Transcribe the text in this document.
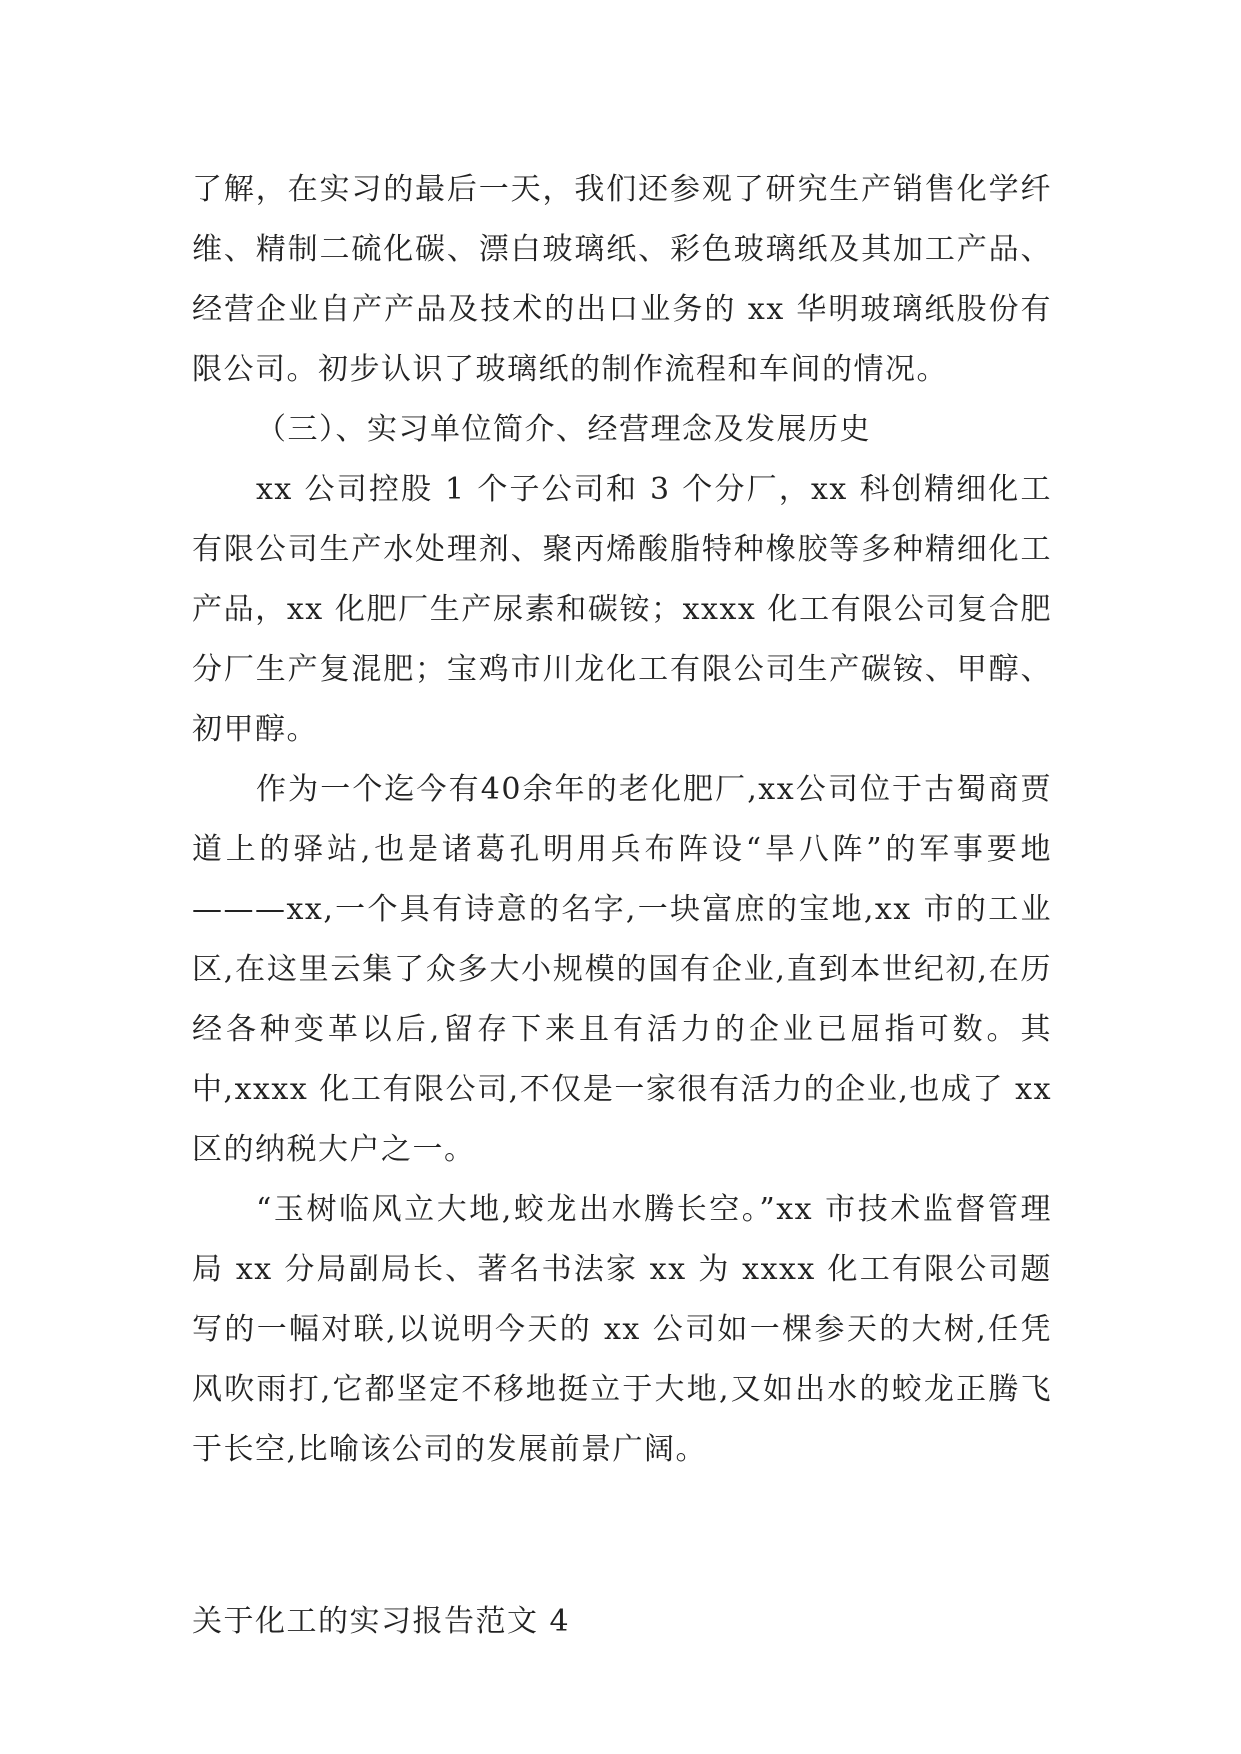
了解，在实习的最后一天，我们还参观了研究生产销售化学纤维、精制二硫化碳、漂白玻璃纸、彩色玻璃纸及其加工产品、经营企业自产产品及技术的出口业务的 xx 华明玻璃纸股份有限公司。初步认识了玻璃纸的制作流程和车间的情况。

（三）、实习单位简介、经营理念及发展历史

xx 公司控股 1 个子公司和 3 个分厂，xx 科创精细化工有限公司生产水处理剂、聚丙烯酸脂特种橡胶等多种精细化工产品，xx 化肥厂生产尿素和碳铵；xxxx 化工有限公司复合肥分厂生产复混肥；宝鸡市川龙化工有限公司生产碳铵、甲醇、初甲醇。

作为一个迄今有40余年的老化肥厂,xx公司位于古蜀商贾道上的驿站,也是诸葛孔明用兵布阵设“旱八阵”的军事要地———xx,一个具有诗意的名字,一块富庶的宝地,xx 市的工业区,在这里云集了众多大小规模的国有企业,直到本世纪初,在历经各种变革以后,留存下来且有活力的企业已屈指可数。其中,xxxx 化工有限公司,不仅是一家很有活力的企业,也成了 xx 区的纳税大户之一。

“玉树临风立大地,蛟龙出水腾长空。”xx 市技术监督管理局 xx 分局副局长、著名书法家 xx 为 xxxx 化工有限公司题写的一幅对联,以说明今天的 xx 公司如一棵参天的大树,任凭风吹雨打,它都坚定不移地挺立于大地,又如出水的蛟龙正腾飞于长空,比喻该公司的发展前景广阔。

关于化工的实习报告范文 4
